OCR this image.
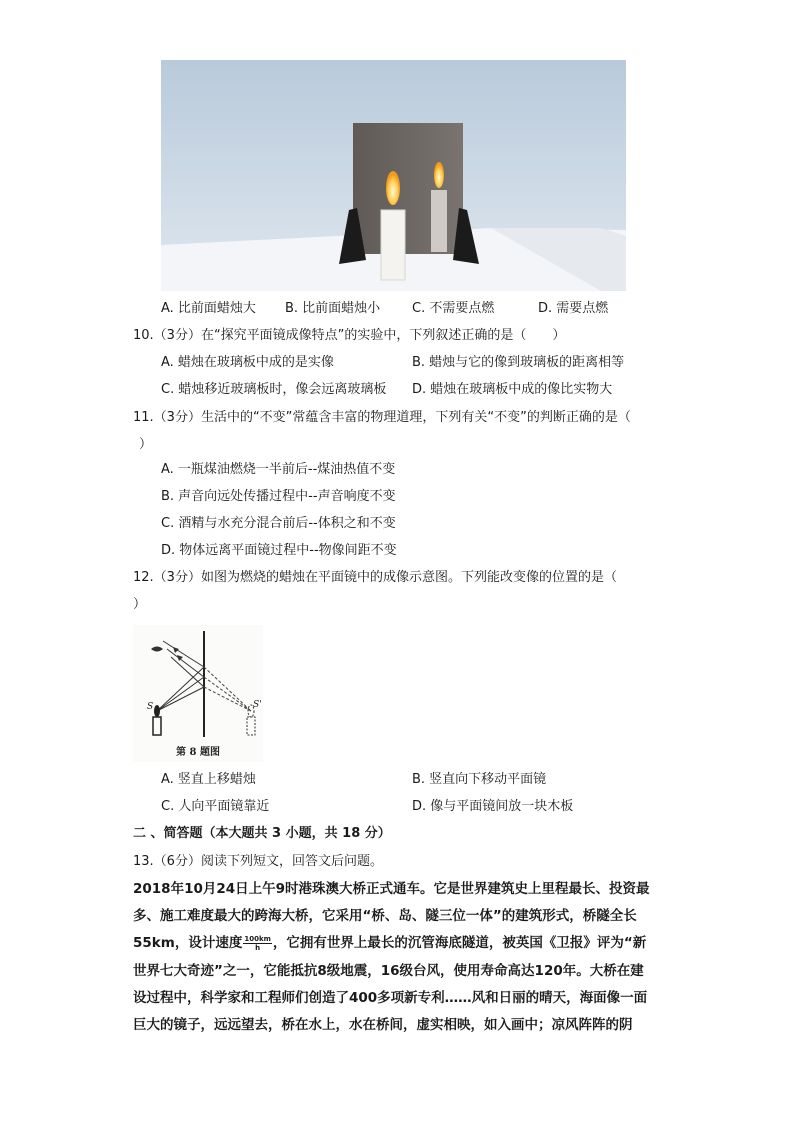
A. 比前面蜡烛大 B. 比前面蜡烛小 C. 不需要点燃	D. 需要点燃
10.（3分）在“探究平面镜成像特点”的实验中，下列叙述正确的是（　　）
A. 蜡烛在玻璃板中成的是实像	B. 蜡烛与它的像到玻璃板的距离相等
C. 蜡烛移近玻璃板时，像会远离玻璃板 D. 蜡烛在玻璃板中成的像比实物大
11.（3分）生活中的“不变”常蕴含丰富的物理道理，下列有关“不变”的判断正确的是（
）
A. 一瓶煤油燃烧一半前后--煤油热值不变
B. 声音向远处传播过程中--声音响度不变
C. 酒精与水充分混合前后--体积之和不变
D. 物体远离平面镜过程中--物像间距不变
12.（3分）如图为燃烧的蜡烛在平面镜中的成像示意图。下列能改变像的位置的是（
）
S	S'
第 8 题图
A. 竖直上移蜡烛	B. 竖直向下移动平面镜
C. 人向平面镜靠近	D. 像与平面镜间放一块木板
二 、简答题（本大题共 3 小题，共 18 分）
13.（6分）阅读下列短文，回答文后问题。
2018年10月24日上午9时港珠澳大桥正式通车。它是世界建筑史上里程最长、投资最
多、施工难度最大的跨海大桥，它采用“桥、岛、隧三位一体”的建筑形式，桥隧全长
55km，设计速度 $\frac{100km}{h}$ ，它拥有世界上最长的沉管海底隧道，被英国《卫报》评为“新
世界七大奇迹”之一，它能抵抗8级地震，16级台风，使用寿命高达120年。大桥在建
设过程中，科学家和工程师们创造了400多项新专利……风和日丽的晴天，海面像一面
巨大的镜子，远远望去，桥在水上，水在桥间，虚实相映，如入画中；凉风阵阵的阴
